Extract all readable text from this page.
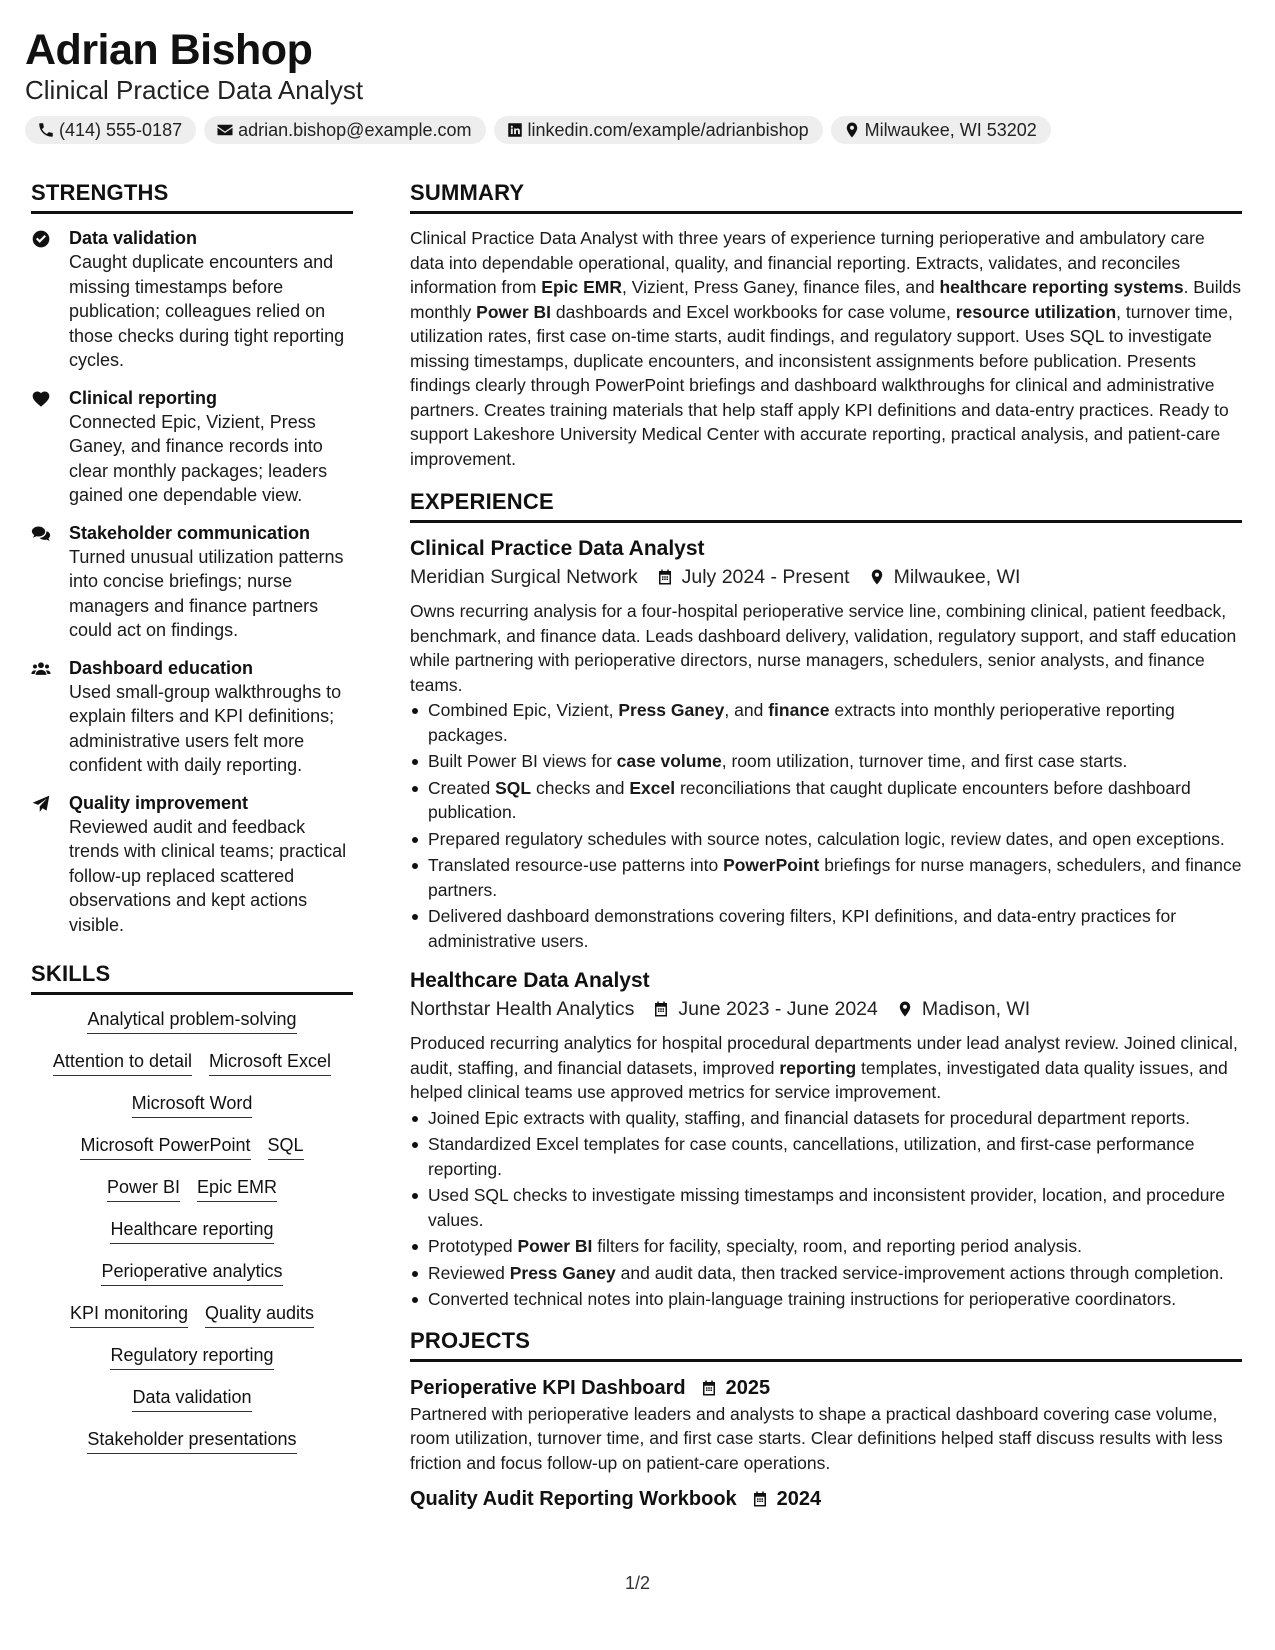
Adrian Bishop
Clinical Practice Data Analyst
(414) 555-0187	adrian.bishop@example.com	linkedin.com/example/adrianbishop	Milwaukee, WI 53202
STRENGTHS
Data validation
Caught duplicate encounters and missing timestamps before publication; colleagues relied on those checks during tight reporting cycles.
Clinical reporting
Connected Epic, Vizient, Press Ganey, and finance records into clear monthly packages; leaders gained one dependable view.
Stakeholder communication
Turned unusual utilization patterns into concise briefings; nurse managers and finance partners could act on findings.
Dashboard education
Used small-group walkthroughs to explain filters and KPI definitions; administrative users felt more confident with daily reporting.
Quality improvement
Reviewed audit and feedback trends with clinical teams; practical follow-up replaced scattered observations and kept actions visible.
SKILLS
Analytical problem-solving
Attention to detail Microsoft Excel
Microsoft Word
Microsoft PowerPoint SQL
Power BI Epic EMR
Healthcare reporting
Perioperative analytics
KPI monitoring Quality audits
Regulatory reporting
Data validation
Stakeholder presentations
SUMMARY
Clinical Practice Data Analyst with three years of experience turning perioperative and ambulatory care data into dependable operational, quality, and financial reporting. Extracts, validates, and reconciles information from Epic EMR, Vizient, Press Ganey, finance files, and healthcare reporting systems. Builds monthly Power BI dashboards and Excel workbooks for case volume, resource utilization, turnover time, utilization rates, first case on-time starts, audit findings, and regulatory support. Uses SQL to investigate missing timestamps, duplicate encounters, and inconsistent assignments before publication. Presents findings clearly through PowerPoint briefings and dashboard walkthroughs for clinical and administrative partners. Creates training materials that help staff apply KPI definitions and data-entry practices. Ready to support Lakeshore University Medical Center with accurate reporting, practical analysis, and patient-care improvement.
EXPERIENCE
Clinical Practice Data Analyst
Meridian Surgical Network July 2024 - Present Milwaukee, WI
Owns recurring analysis for a four-hospital perioperative service line, combining clinical, patient feedback, benchmark, and finance data. Leads dashboard delivery, validation, regulatory support, and staff education while partnering with perioperative directors, nurse managers, schedulers, senior analysts, and finance teams.
Combined Epic, Vizient, Press Ganey, and finance extracts into monthly perioperative reporting packages.
Built Power BI views for case volume, room utilization, turnover time, and first case starts.
Created SQL checks and Excel reconciliations that caught duplicate encounters before dashboard publication.
Prepared regulatory schedules with source notes, calculation logic, review dates, and open exceptions.
Translated resource-use patterns into PowerPoint briefings for nurse managers, schedulers, and finance partners.
Delivered dashboard demonstrations covering filters, KPI definitions, and data-entry practices for administrative users.
Healthcare Data Analyst
Northstar Health Analytics June 2023 - June 2024 Madison, WI
Produced recurring analytics for hospital procedural departments under lead analyst review. Joined clinical, audit, staffing, and financial datasets, improved reporting templates, investigated data quality issues, and helped clinical teams use approved metrics for service improvement.
Joined Epic extracts with quality, staffing, and financial datasets for procedural department reports.
Standardized Excel templates for case counts, cancellations, utilization, and first-case performance reporting.
Used SQL checks to investigate missing timestamps and inconsistent provider, location, and procedure values.
Prototyped Power BI filters for facility, specialty, room, and reporting period analysis.
Reviewed Press Ganey and audit data, then tracked service-improvement actions through completion.
Converted technical notes into plain-language training instructions for perioperative coordinators.
PROJECTS
Perioperative KPI Dashboard 2025
Partnered with perioperative leaders and analysts to shape a practical dashboard covering case volume, room utilization, turnover time, and first case starts. Clear definitions helped staff discuss results with less friction and focus follow-up on patient-care operations.
Quality Audit Reporting Workbook 2024
1/2
